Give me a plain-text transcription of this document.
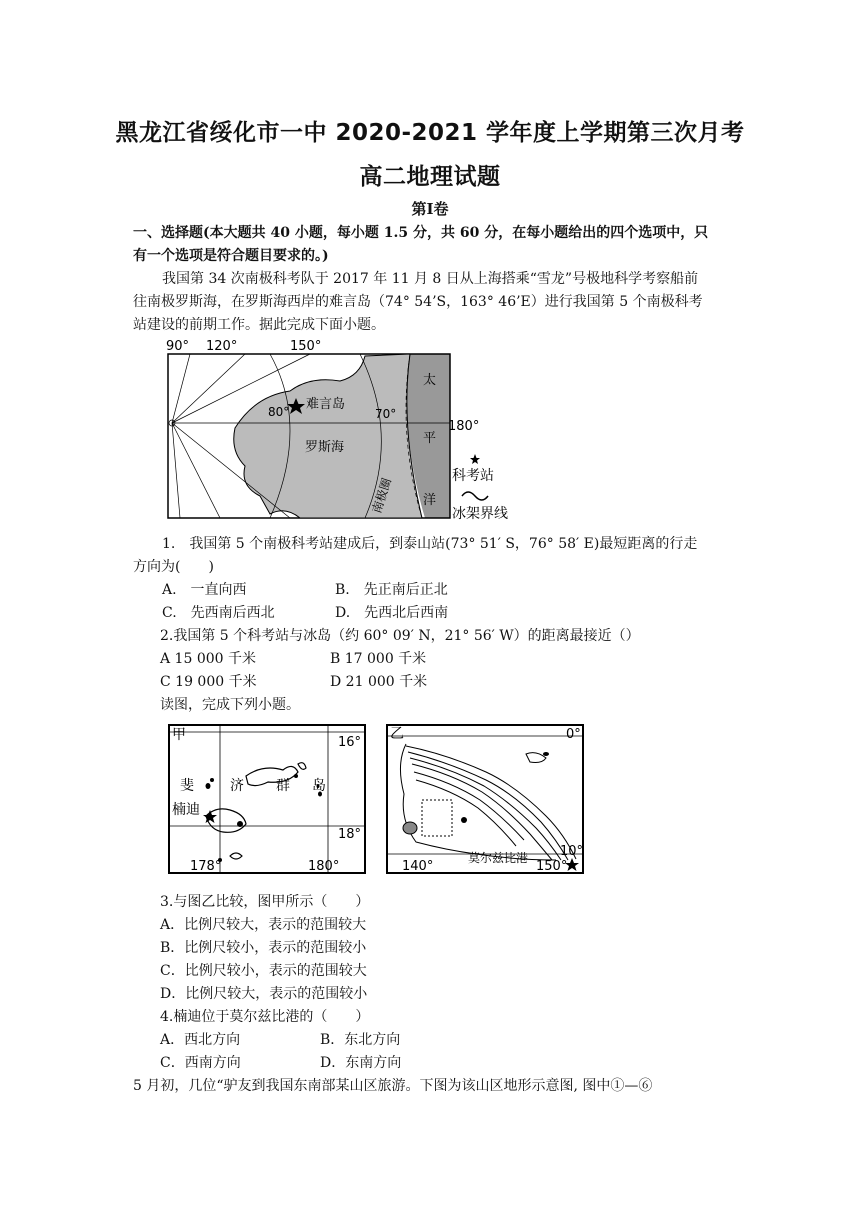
黑龙江省绥化市一中 2020-2021 学年度上学期第三次月考
高二地理试题
第Ⅰ卷
一、选择题(本大题共 40 小题，每小题 1.5 分，共 60 分，在每小题给出的四个选项中，只
有一个选项是符合题目要求的。)
我国第 34 次南极科考队于 2017 年 11 月 8 日从上海搭乘“雪龙”号极地科学考察船前
往南极罗斯海，在罗斯海西岸的难言岛（74° 54’S，163° 46’E）进行我国第 5 个南极科考
站建设的前期工作。据此完成下面小题。
90° 120°	150°
180°
80°	70°
难言岛
罗斯海
太
平
洋
南极圈
科考站
冰架界线
1.　我国第 5 个南极科考站建成后，到泰山站(73° 51′ S，76° 58′ E)最短距离的行走
方向为(　　)
A.　一直向西	B.　先正南后正北
C.　先西南后西北	D.　先西北后西南
2.我国第 5 个科考站与冰岛（约 60° 09′ N，21° 56′ W）的距离最接近（）
A 15 000 千米	B 17 000 千米
C 19 000 千米	D 21 000 千米
读图，完成下列小题。
甲	16°
18°
178°	180°
斐	济 群 岛
楠迪
乙	0°
10°
140°	150°
莫尔兹比港
3.与图乙比较，图甲所示（　　）
A．比例尺较大，表示的范围较大
B．比例尺较小，表示的范围较小
C．比例尺较小，表示的范围较大
D．比例尺较大，表示的范围较小
4.楠迪位于莫尔兹比港的（　　）
A．西北方向	B．东北方向
C．西南方向	D．东南方向
5 月初，几位“驴友到我国东南部某山区旅游。下图为该山区地形示意图, 图中①—⑥
